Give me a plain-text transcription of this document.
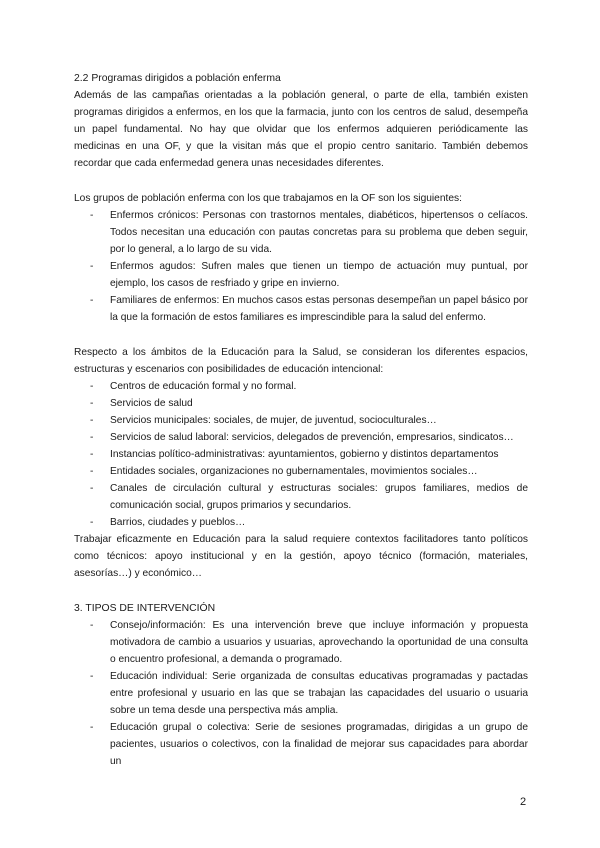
2.2 Programas dirigidos a población enferma

Además de las campañas orientadas a la población general, o parte de ella, también existen programas dirigidos a enfermos, en los que la farmacia, junto con los centros de salud, desempeña un papel fundamental. No hay que olvidar que los enfermos adquieren periódicamente las medicinas en una OF, y que la visitan más que el propio centro sanitario. También debemos recordar que cada enfermedad genera unas necesidades diferentes.

Los grupos de población enferma con los que trabajamos en la OF son los siguientes:

- Enfermos crónicos: Personas con trastornos mentales, diabéticos, hipertensos o celíacos. Todos necesitan una educación con pautas concretas para su problema que deben seguir, por lo general, a lo largo de su vida.
- Enfermos agudos: Sufren males que tienen un tiempo de actuación muy puntual, por ejemplo, los casos de resfriado y gripe en invierno.
- Familiares de enfermos: En muchos casos estas personas desempeñan un papel básico por la que la formación de estos familiares es imprescindible para la salud del enfermo.

Respecto a los ámbitos de la Educación para la Salud, se consideran los diferentes espacios, estructuras y escenarios con posibilidades de educación intencional:

- Centros de educación formal y no formal.
- Servicios de salud
- Servicios municipales: sociales, de mujer, de juventud, socioculturales…
- Servicios de salud laboral: servicios, delegados de prevención, empresarios, sindicatos…
- Instancias político-administrativas: ayuntamientos, gobierno y distintos departamentos
- Entidades sociales, organizaciones no gubernamentales, movimientos sociales…
- Canales de circulación cultural y estructuras sociales: grupos familiares, medios de comunicación social, grupos primarios y secundarios.
- Barrios, ciudades y pueblos…

Trabajar eficazmente en Educación para la salud requiere contextos facilitadores tanto políticos como técnicos: apoyo institucional y en la gestión, apoyo técnico (formación, materiales, asesorías…) y económico…

3. TIPOS DE INTERVENCIÓN
- Consejo/información: Es una intervención breve que incluye información y propuesta motivadora de cambio a usuarios y usuarias, aprovechando la oportunidad de una consulta o encuentro profesional, a demanda o programado.
- Educación individual: Serie organizada de consultas educativas programadas y pactadas entre profesional y usuario en las que se trabajan las capacidades del usuario o usuaria sobre un tema desde una perspectiva más amplia.
- Educación grupal o colectiva: Serie de sesiones programadas, dirigidas a un grupo de pacientes, usuarios o colectivos, con la finalidad de mejorar sus capacidades para abordar un
2
